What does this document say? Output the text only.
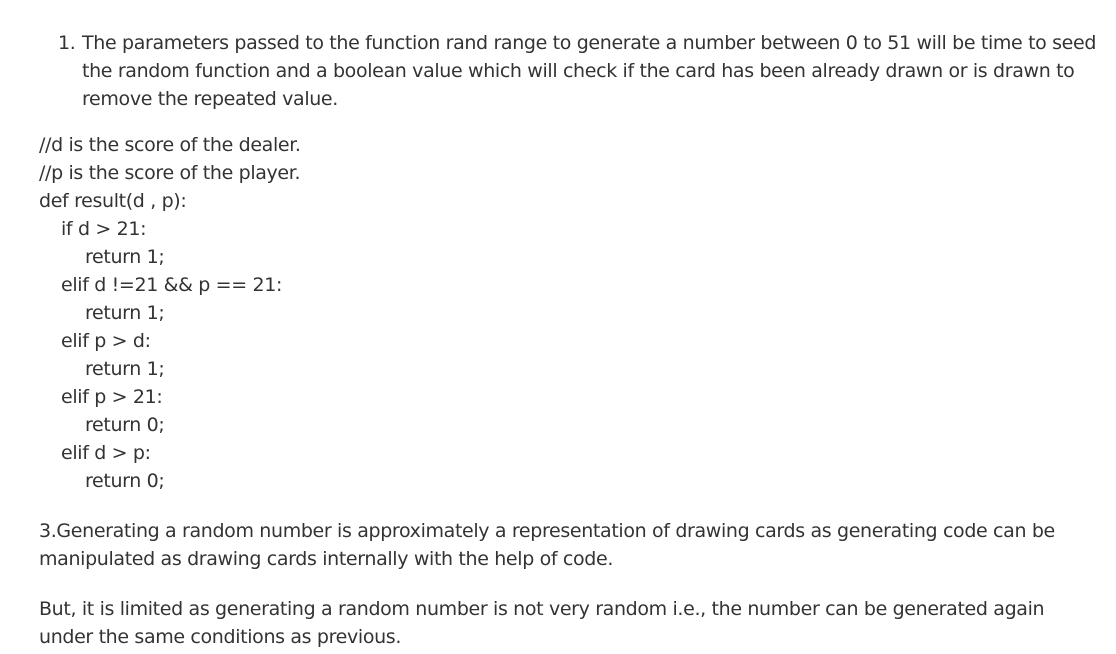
1. The parameters passed to the function rand range to generate a number between 0 to 51 will be time to seed the random function and a boolean value which will check if the card has been already drawn or is drawn to remove the repeated value.
//d is the score of the dealer.
//p is the score of the player.
def result(d , p):
if d > 21:
return 1;
elif d !=21 && p == 21:
return 1;
elif p > d:
return 1;
elif p > 21:
return 0;
elif d > p:
return 0;

3.Generating a random number is approximately a representation of drawing cards as generating code can be manipulated as drawing cards internally with the help of code.

But, it is limited as generating a random number is not very random i.e., the number can be generated again under the same conditions as previous.
